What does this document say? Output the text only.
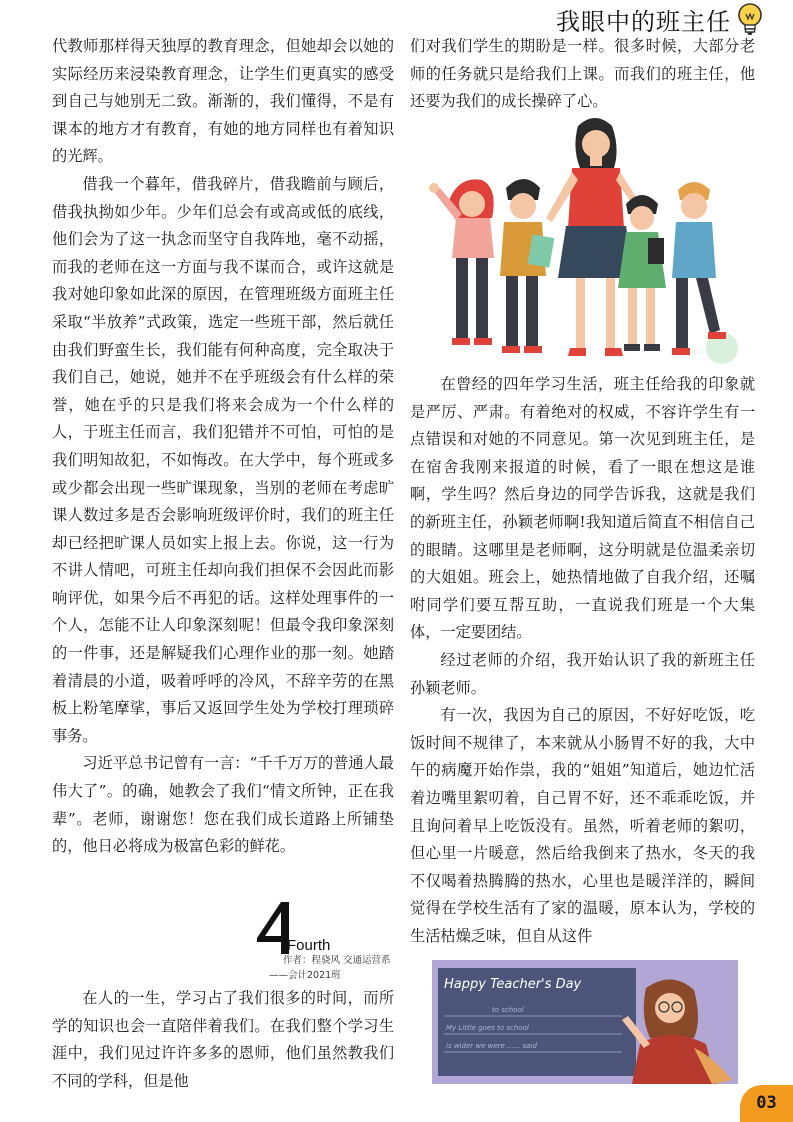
我眼中的班主任

代教师那样得天独厚的教育理念，但她却会以她的实际经历来浸染教育理念，让学生们更真实的感受到自己与她别无二致。渐渐的，我们懂得，不是有课本的地方才有教育，有她的地方同样也有着知识的光辉。

借我一个暮年，借我碎片，借我瞻前与顾后，借我执拗如少年。少年们总会有或高或低的底线，他们会为了这一执念而坚守自我阵地，毫不动摇，而我的老师在这一方面与我不谋而合，或许这就是我对她印象如此深的原因，在管理班级方面班主任采取“半放养”式政策，选定一些班干部，然后就任由我们野蛮生长，我们能有何种高度，完全取决于我们自己，她说，她并不在乎班级会有什么样的荣誉，她在乎的只是我们将来会成为一个什么样的人，于班主任而言，我们犯错并不可怕，可怕的是我们明知故犯，不如悔改。在大学中，每个班或多或少都会出现一些旷课现象，当别的老师在考虑旷课人数过多是否会影响班级评价时，我们的班主任却已经把旷课人员如实上报上去。你说，这一行为不讲人情吧，可班主任却向我们担保不会因此而影响评优，如果今后不再犯的话。这样处理事件的一个人，怎能不让人印象深刻呢！但最令我印象深刻的一件事，还是解疑我们心理作业的那一刻。她踏着清晨的小道，吸着呼呼的冷风，不辞辛劳的在黑板上粉笔摩挲，事后又返回学生处为学校打理琐碎事务。

习近平总书记曾有一言：“千千万万的普通人最伟大了”。的确，她教会了我们“情文所钟，正在我辈”。老师，谢谢您！您在我们成长道路上所铺垫的，他日必将成为极富色彩的鲜花。

Fourth
作者：程骁风 交通运营系
——会计2021班

在人的一生，学习占了我们很多的时间，而所学的知识也会一直陪伴着我们。在我们整个学习生涯中，我们见过许许多多的恩师，他们虽然教我们不同的学科，但是他

们对我们学生的期盼是一样。很多时候，大部分老师的任务就只是给我们上课。而我们的班主任，他还要为我们的成长操碎了心。

在曾经的四年学习生活，班主任给我的印象就是严厉、严肃。有着绝对的权威，不容许学生有一点错误和对她的不同意见。第一次见到班主任，是在宿舍我刚来报道的时候，看了一眼在想这是谁啊，学生吗？然后身边的同学告诉我，这就是我们的新班主任，孙颖老师啊!我知道后简直不相信自己的眼睛。这哪里是老师啊，这分明就是位温柔亲切的大姐姐。班会上，她热情地做了自我介绍，还嘱咐同学们要互帮互助，一直说我们班是一个大集体，一定要团结。

经过老师的介绍，我开始认识了我的新班主任孙颖老师。

有一次，我因为自己的原因，不好好吃饭，吃饭时间不规律了，本来就从小肠胃不好的我，大中午的病魔开始作祟，我的“姐姐”知道后，她边忙活着边嘴里絮叨着，自己胃不好，还不乖乖吃饭，并且询问着早上吃饭没有。虽然，听着老师的絮叨，但心里一片暖意，然后给我倒来了热水，冬天的我不仅喝着热腾腾的热水，心里也是暖洋洋的，瞬间觉得在学校生活有了家的温暖，原本认为，学校的生活枯燥乏味，但自从这件

Happy Teacher's Day
to school
My Little goes to school
is wider we were ...... said
03
